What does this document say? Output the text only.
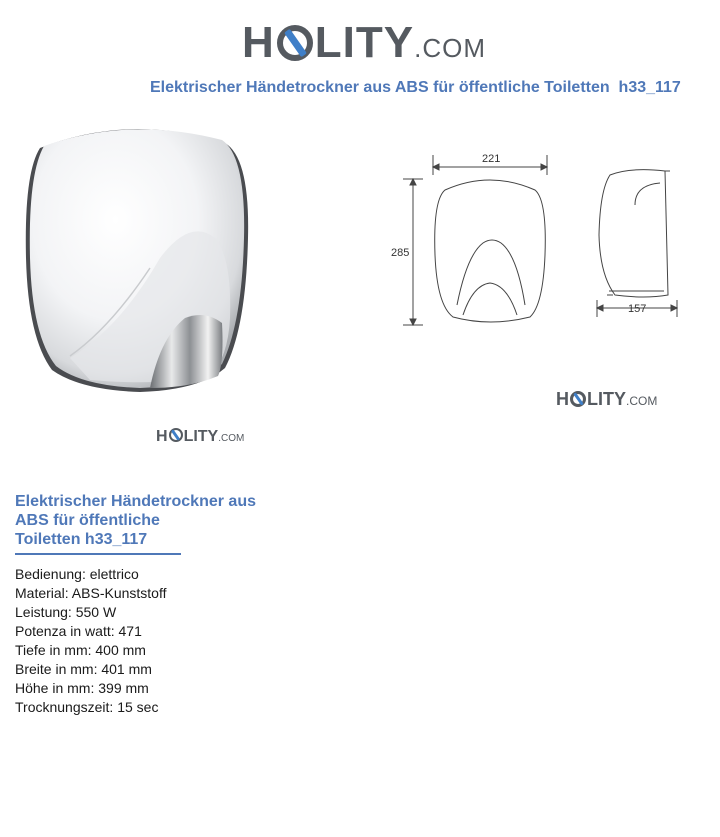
H LITY .COM
Elektrischer Händetrockner aus ABS für öffentliche Toiletten  h33_117
H LITY .COM
221
285
157
H LITY .COM
Elektrischer Händetrockner aus
ABS für öffentliche
Toiletten h33_117
Bedienung: elettrico
Material: ABS-Kunststoff
Leistung: 550 W
Potenza in watt: 471
Tiefe in mm: 400 mm
Breite in mm: 401 mm
Höhe in mm: 399 mm
Trocknungszeit: 15 sec
